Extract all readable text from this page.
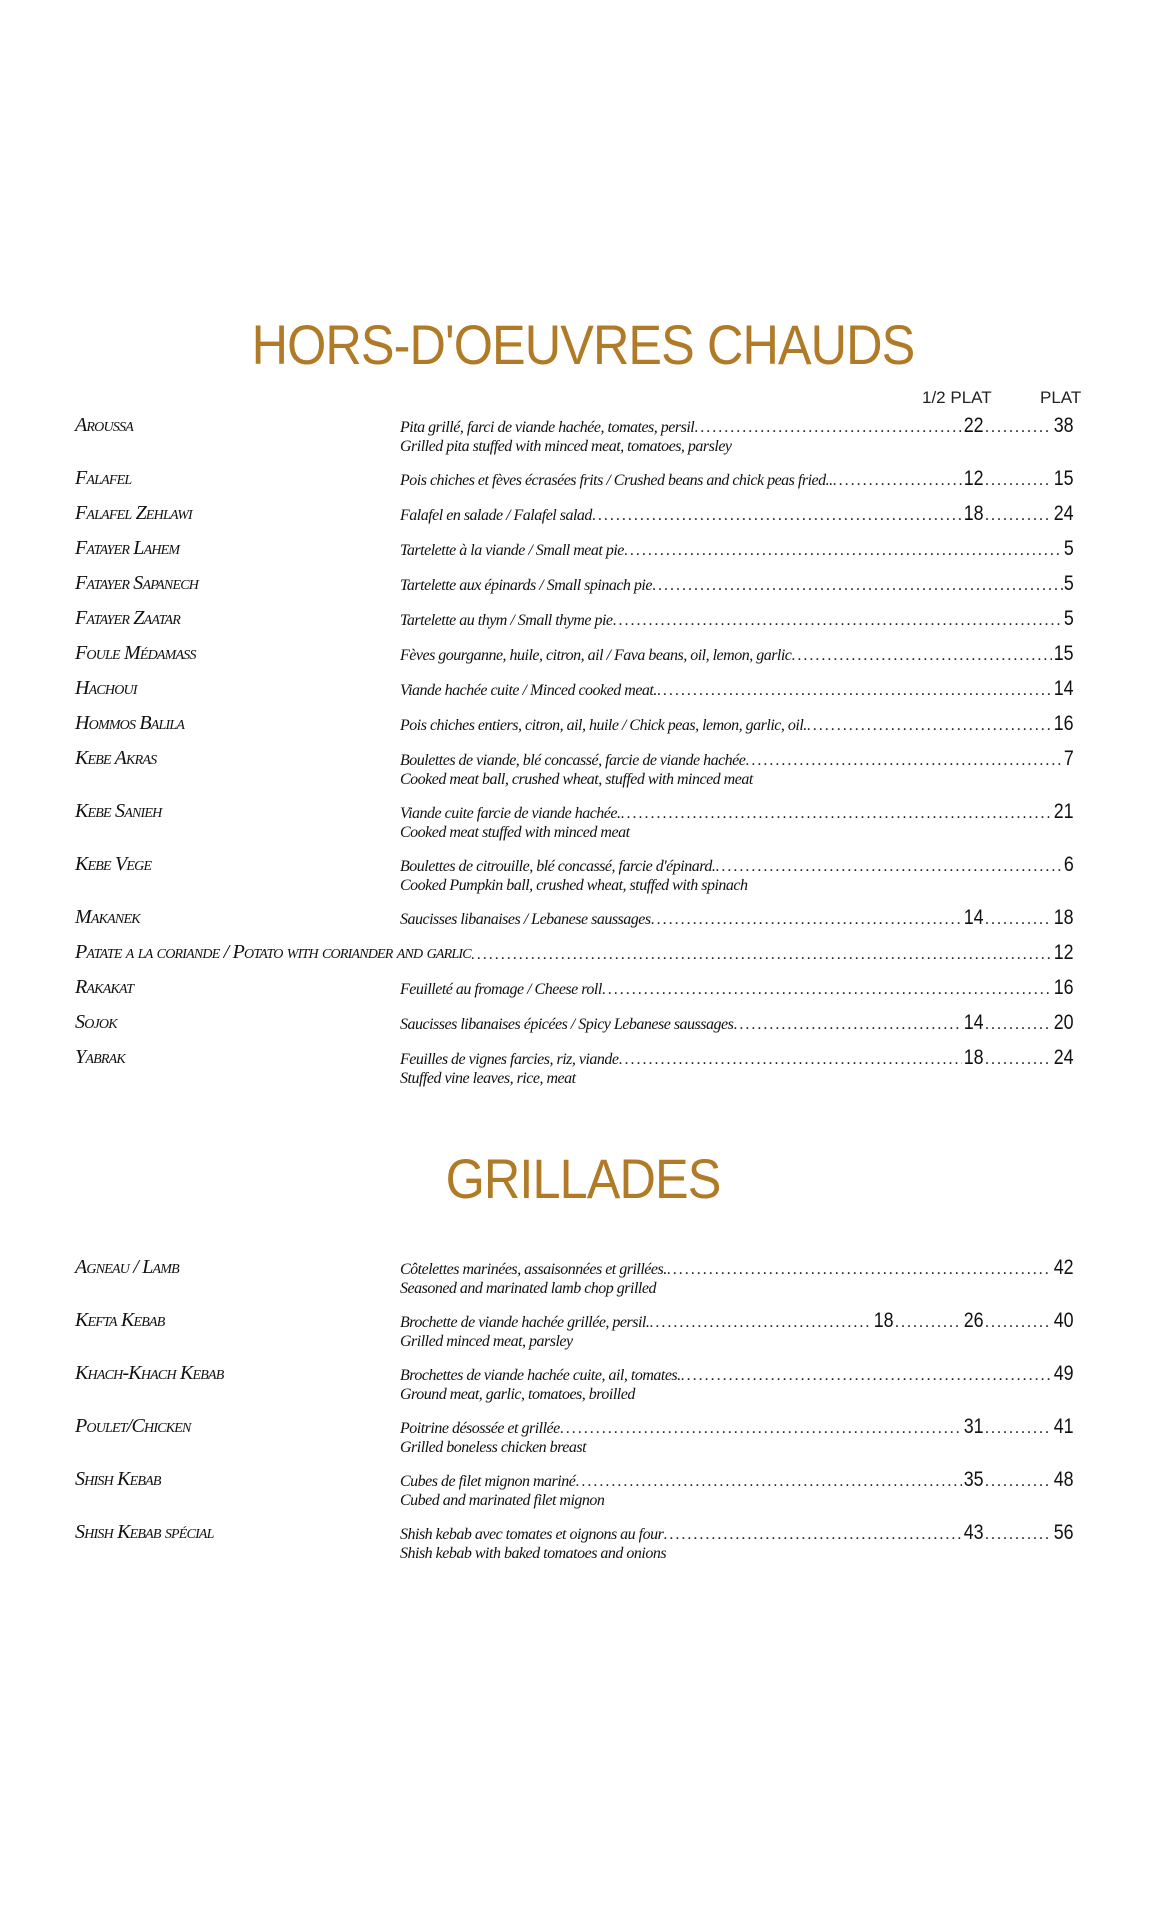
HORS-D'OEUVRES CHAUDS
1/2 PLAT	PLAT
Aroussa	Pita grillé, farci de viande hachée, tomates, persil .....	22 .....	38
Grilled pita stuffed with minced meat, tomatoes, parsley
Falafel	Pois chiches et fèves écrasées frits / Crushed beans and chick peas fried.. .....	12 .....	15
Falafel Zehlawi	Falafel en salade / Falafel salad .....	18 .....	24
Fatayer Lahem	Tartelette à la viande / Small meat pie .....	5
Fatayer Sapanech	Tartelette aux épinards / Small spinach pie .....	5
Fatayer Zaatar	Tartelette au thym / Small thyme pie .....	5
Foule Médamass	Fèves gourganne, huile, citron, ail / Fava beans, oil, lemon, garlic .....	15
Hachoui	Viande hachée cuite / Minced cooked meat. .....	14
Hommos Balila	Pois chiches entiers, citron, ail, huile / Chick peas, lemon, garlic, oil. .....	16
Kebe Akras	Boulettes de viande, blé concassé, farcie de viande hachée .....	7
Cooked meat ball, crushed wheat, stuffed with minced meat
Kebe Sanieh	Viande cuite farcie de viande hachée. .....	21
Cooked meat stuffed with minced meat
Kebe Vege	Boulettes de citrouille, blé concassé, farcie d'épinard. .....	6
Cooked Pumpkin ball, crushed wheat, stuffed with spinach
Makanek	Saucisses libanaises / Lebanese saussages .....	14 .....	18
Patate a la coriande / Potato with coriander and garlic .....	12
Rakakat	Feuilleté au fromage / Cheese roll .....	16
Sojok	Saucisses libanaises épicées / Spicy Lebanese saussages .....	14 .....	20
Yabrak	Feuilles de vignes farcies, riz, viande .....	18 .....	24
Stuffed vine leaves, rice, meat
GRILLADES
Agneau / Lamb	Côtelettes marinées, assaisonnées et grillées. .....	42
Seasoned and marinated lamb chop grilled
Kefta Kebab	Brochette de viande hachée grillée, persil. .....	18 .....	26 .....	40
Grilled minced meat, parsley
Khach-Khach Kebab	Brochettes de viande hachée cuite, ail, tomates. .....	49
Ground meat, garlic, tomatoes, broilled
Poulet/Chicken	Poitrine désossée et grillée .....	31 .....	41
Grilled boneless chicken breast
Shish Kebab	Cubes de filet mignon mariné .....	35 .....	48
Cubed and marinated filet mignon
Shish Kebab spécial	Shish kebab avec tomates et oignons au four .....	43 .....	56
Shish kebab with baked tomatoes and onions
